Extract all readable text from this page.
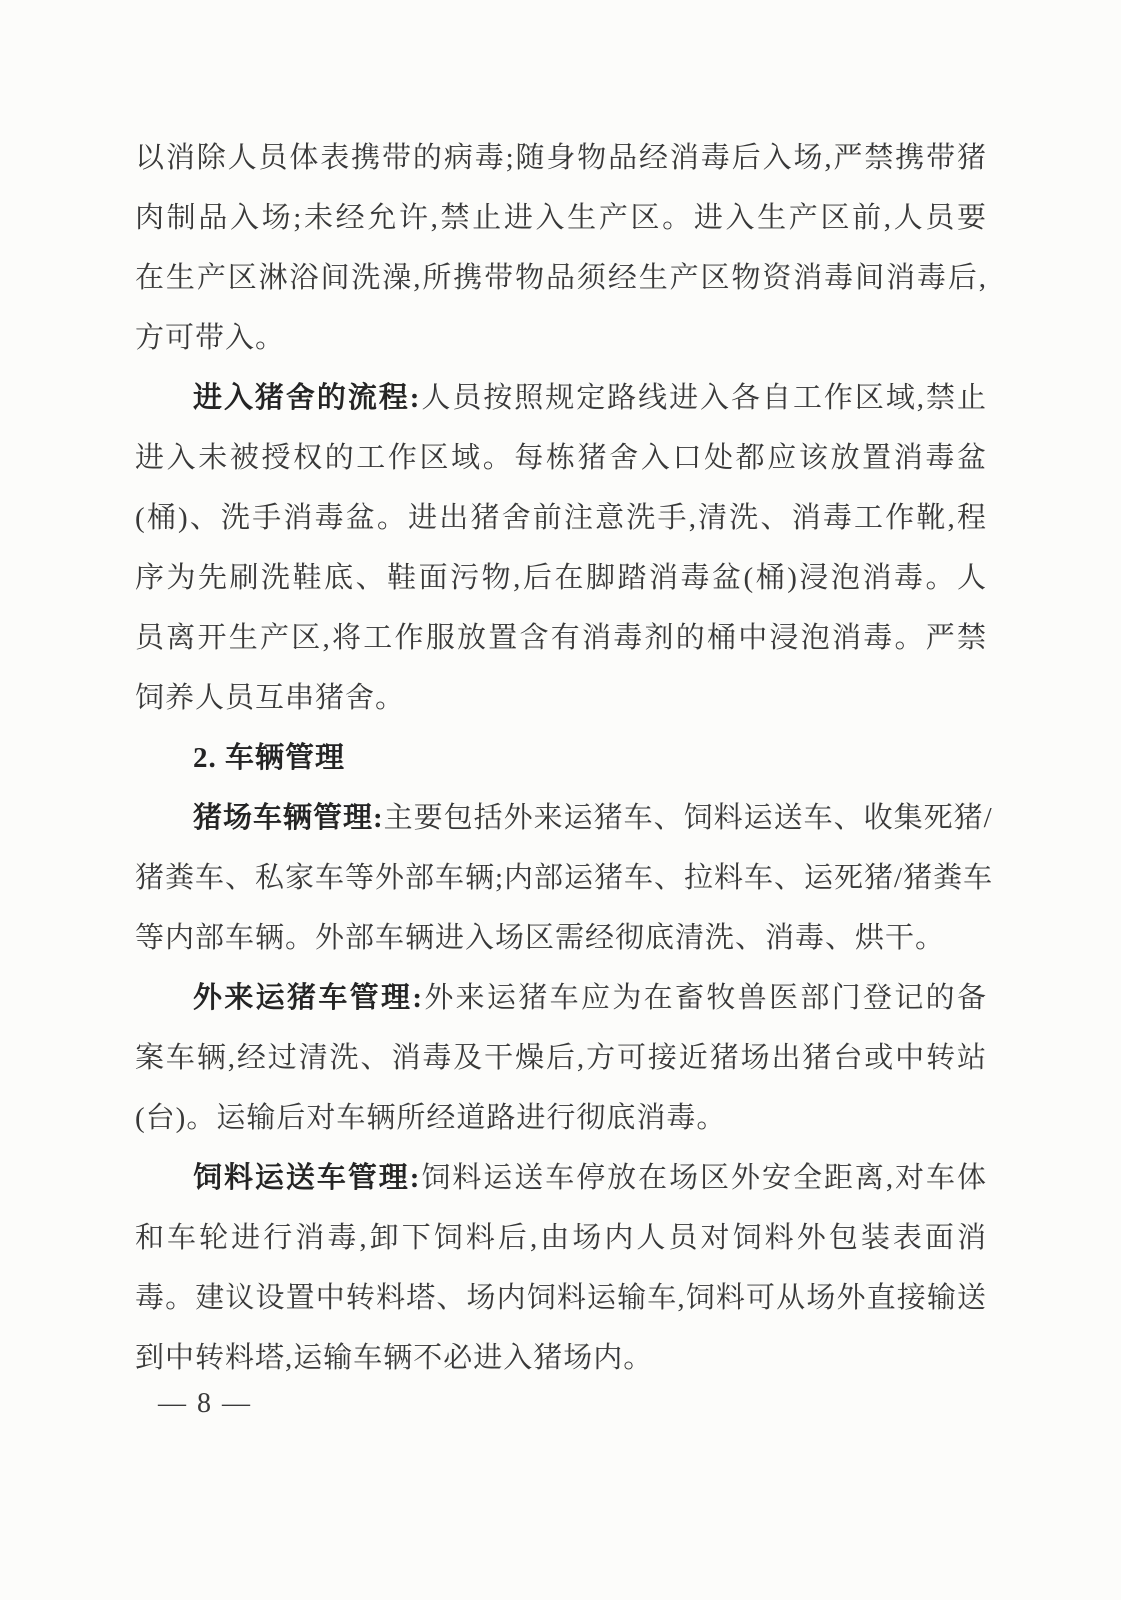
以消除人员体表携带的病毒;随身物品经消毒后入场,严禁携带猪
肉制品入场;未经允许,禁止进入生产区。进入生产区前,人员要
在生产区淋浴间洗澡,所携带物品须经生产区物资消毒间消毒后,
方可带入。
进入猪舍的流程:人员按照规定路线进入各自工作区域,禁止
进入未被授权的工作区域。每栋猪舍入口处都应该放置消毒盆
(桶)、洗手消毒盆。进出猪舍前注意洗手,清洗、消毒工作靴,程
序为先刷洗鞋底、鞋面污物,后在脚踏消毒盆(桶)浸泡消毒。人
员离开生产区,将工作服放置含有消毒剂的桶中浸泡消毒。严禁
饲养人员互串猪舍。
2. 车辆管理
猪场车辆管理:主要包括外来运猪车、饲料运送车、收集死猪/
猪粪车、私家车等外部车辆;内部运猪车、拉料车、运死猪/猪粪车
等内部车辆。外部车辆进入场区需经彻底清洗、消毒、烘干。
外来运猪车管理:外来运猪车应为在畜牧兽医部门登记的备
案车辆,经过清洗、消毒及干燥后,方可接近猪场出猪台或中转站
(台)。运输后对车辆所经道路进行彻底消毒。
饲料运送车管理:饲料运送车停放在场区外安全距离,对车体
和车轮进行消毒,卸下饲料后,由场内人员对饲料外包装表面消
毒。建议设置中转料塔、场内饲料运输车,饲料可从场外直接输送
到中转料塔,运输车辆不必进入猪场内。
— 8 —
